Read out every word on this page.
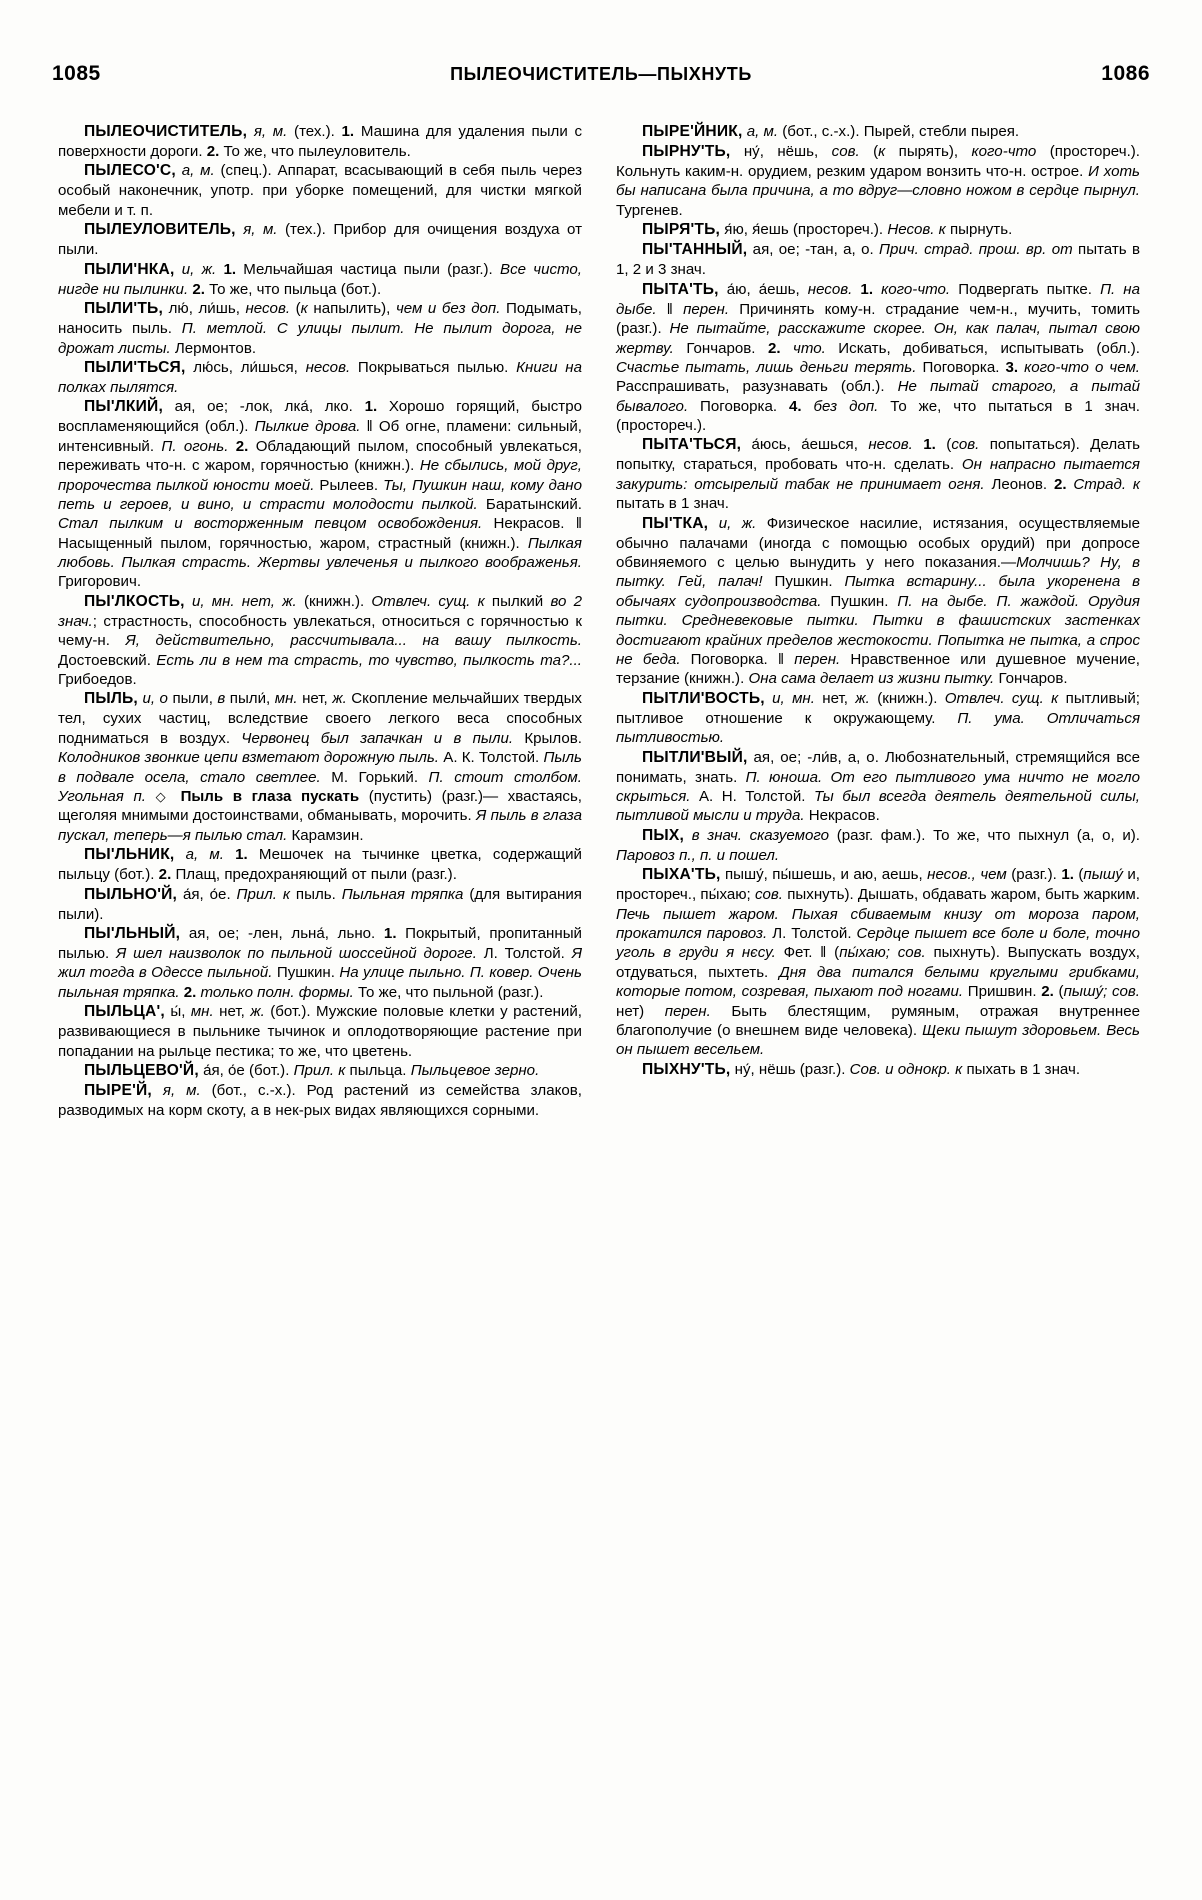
1085	ПЫЛЕОЧИСТИТЕЛЬ—ПЫХНУТЬ	1086

ПЫЛЕОЧИСТИТЕЛЬ, я, м. (тех.). 1. Машина для удаления пыли с поверхности дороги. 2. То же, что пылеуловитель.

ПЫЛЕСО'С, а, м. (спец.). Аппарат, всасывающий в себя пыль через особый наконечник, употр. при уборке помещений, для чистки мягкой мебели и т. п.

ПЫЛЕУЛОВИТЕЛЬ, я, м. (тех.). Прибор для очищения воздуха от пыли.

ПЫЛИ'НКА, и, ж. 1. Мельчайшая частица пыли (разг.). Все чисто, нигде ни пылинки. 2. То же, что пыльца (бот.).

ПЫЛИ'ТЬ, лю́, ли́шь, несов. (к напылить), чем и без доп. Подымать, наносить пыль. П. метлой. С улицы пылит. Не пылит дорога, не дрожат листы. Лермонтов.

ПЫЛИ'ТЬСЯ, лю́сь, ли́шься, несов. Покрываться пылью. Книги на полках пылятся.

ПЫ'ЛКИЙ, ая, ое; -лок, лка́, лко. 1. Хорошо горящий, быстро воспламеняющийся (обл.). Пылкие дрова. ‖ Об огне, пламени: сильный, интенсивный. П. огонь. 2. Обладающий пылом, способный увлекаться, переживать что-н. с жаром, горячностью (книжн.). Не сбылись, мой друг, пророчества пылкой юности моей. Рылеев. Ты, Пушкин наш, кому дано петь и героев, и вино, и страсти молодости пылкой. Баратынский. Стал пылким и восторженным певцом освобождения. Некрасов. ‖ Насыщенный пылом, горячностью, жаром, страстный (книжн.). Пылкая любовь. Пылкая страсть. Жертвы увлеченья и пылкого воображенья. Григорович.

ПЫ'ЛКОСТЬ, и, мн. нет, ж. (книжн.). Отвлеч. сущ. к пылкий во 2 знач.; страстность, способность увлекаться, относиться с горячностью к чему-н. Я, действительно, рассчитывала... на вашу пылкость. Достоевский. Есть ли в нем та страсть, то чувство, пылкость та?... Грибоедов.

ПЫЛЬ, и, о пыли, в пыли́, мн. нет, ж. Скопление мельчайших твердых тел, сухих частиц, вследствие своего легкого веса способных подниматься в воздух. Червонец был запачкан и в пыли. Крылов. Колодников звонкие цепи взметают дорожную пыль. А. К. Толстой. Пыль в подвале осела, стало светлее. М. Горький. П. стоит столбом. Угольная п. ◇ Пыль в глаза пускать (пустить) (разг.)— хвастаясь, щеголяя мнимыми достоинствами, обманывать, морочить. Я пыль в глаза пускал, теперь—я пылью стал. Карамзин.

ПЫ'ЛЬНИК, а, м. 1. Мешочек на тычинке цветка, содержащий пыльцу (бот.). 2. Плащ, предохраняющий от пыли (разг.).

ПЫЛЬНО'Й, а́я, о́е. Прил. к пыль. Пыльная тряпка (для вытирания пыли).

ПЫ'ЛЬНЫЙ, ая, ое; -лен, льна́, льно. 1. Покрытый, пропитанный пылью. Я шел наизволок по пыльной шоссейной дороге. Л. Толстой. Я жил тогда в Одессе пыльной. Пушкин. На улице пыльно. П. ковер. Очень пыльная тряпка. 2. только полн. формы. То же, что пыльной (разг.).

ПЫЛЬЦА', ы́, мн. нет, ж. (бот.). Мужские половые клетки у растений, развивающиеся в пыльнике тычинок и оплодотворяющие растение при попадании на рыльце пестика; то же, что цветень.

ПЫЛЬЦЕВО'Й, а́я, о́е (бот.). Прил. к пыльца. Пыльцевое зерно.

ПЫРЕ'Й, я, м. (бот., с.-х.). Род растений из семейства злаков, разводимых на корм скоту, а в нек-рых видах являющихся сорными.

ПЫРЕ'ЙНИК, а, м. (бот., с.-х.). Пырей, стебли пырея.

ПЫРНУ'ТЬ, ну́, нёшь, сов. (к пырять), кого-что (простореч.). Кольнуть каким-н. орудием, резким ударом вонзить что-н. острое. И хоть бы написана была причина, а то вдруг—словно ножом в сердце пырнул. Тургенев.

ПЫРЯ'ТЬ, я́ю, я́ешь (простореч.). Несов. к пырнуть.

ПЫ'ТАННЫЙ, ая, ое; -тан, а, о. Прич. страд. прош. вр. от пытать в 1, 2 и 3 знач.

ПЫТА'ТЬ, а́ю, а́ешь, несов. 1. кого-что. Подвергать пытке. П. на дыбе. ‖ перен. Причинять кому-н. страдание чем-н., мучить, томить (разг.). Не пытайте, расскажите скорее. Он, как палач, пытал свою жертву. Гончаров. 2. что. Искать, добиваться, испытывать (обл.). Счастье пытать, лишь деньги терять. Поговорка. 3. кого-что о чем. Расспрашивать, разузнавать (обл.). Не пытай старого, а пытай бывалого. Поговорка. 4. без доп. То же, что пытаться в 1 знач. (простореч.).

ПЫТА'ТЬСЯ, а́юсь, а́ешься, несов. 1. (сов. попытаться). Делать попытку, стараться, пробовать что-н. сделать. Он напрасно пытается закурить: отсырелый табак не принимает огня. Леонов. 2. Страд. к пытать в 1 знач.

ПЫ'ТКА, и, ж. Физическое насилие, истязания, осуществляемые обычно палачами (иногда с помощью особых орудий) при допросе обвиняемого с целью вынудить у него показания.—Молчишь? Ну, в пытку. Гей, палач! Пушкин. Пытка встарину... была укоренена в обычаях судопроизводства. Пушкин. П. на дыбе. П. жаждой. Орудия пытки. Средневековые пытки. Пытки в фашистских застенках достигают крайних пределов жестокости. Попытка не пытка, а спрос не беда. Поговорка. ‖ перен. Нравственное или душевное мучение, терзание (книжн.). Она сама делает из жизни пытку. Гончаров.

ПЫТЛИ'ВОСТЬ, и, мн. нет, ж. (книжн.). Отвлеч. сущ. к пытливый; пытливое отношение к окружающему. П. ума. Отличаться пытливостью.

ПЫТЛИ'ВЫЙ, ая, ое; -ли́в, а, о. Любознательный, стремящийся все понимать, знать. П. юноша. От его пытливого ума ничто не могло скрыться. А. Н. Толстой. Ты был всегда деятель деятельной силы, пытливой мысли и труда. Некрасов.

ПЫХ, в знач. сказуемого (разг. фам.). То же, что пыхнул (а, о, и). Паровоз п., п. и пошел.

ПЫХА'ТЬ, пышу́, пы́шешь, и аю, аешь, несов., чем (разг.). 1. (пышу́ и, простореч., пы́хаю; сов. пыхнуть). Дышать, обдавать жаром, быть жарким. Печь пышет жаром. Пыхая сбиваемым книзу от мороза паром, прокатился паровоз. Л. Толстой. Сердце пышет все боле и боле, точно уголь в груди я нєсу. Фет. ‖ (пы́хаю; сов. пыхнуть). Выпускать воздух, отдуваться, пыхтеть. Дня два питался белыми круглыми грибками, которые потом, созревая, пыхают под ногами. Пришвин. 2. (пышу́; сов. нет) перен. Быть блестящим, румяным, отражая внутреннее благополучие (о внешнем виде человека). Щеки пышут здоровьем. Весь он пышет весельем.

ПЫХНУ'ТЬ, ну́, нёшь (разг.). Сов. и однокр. к пыхать в 1 знач.
